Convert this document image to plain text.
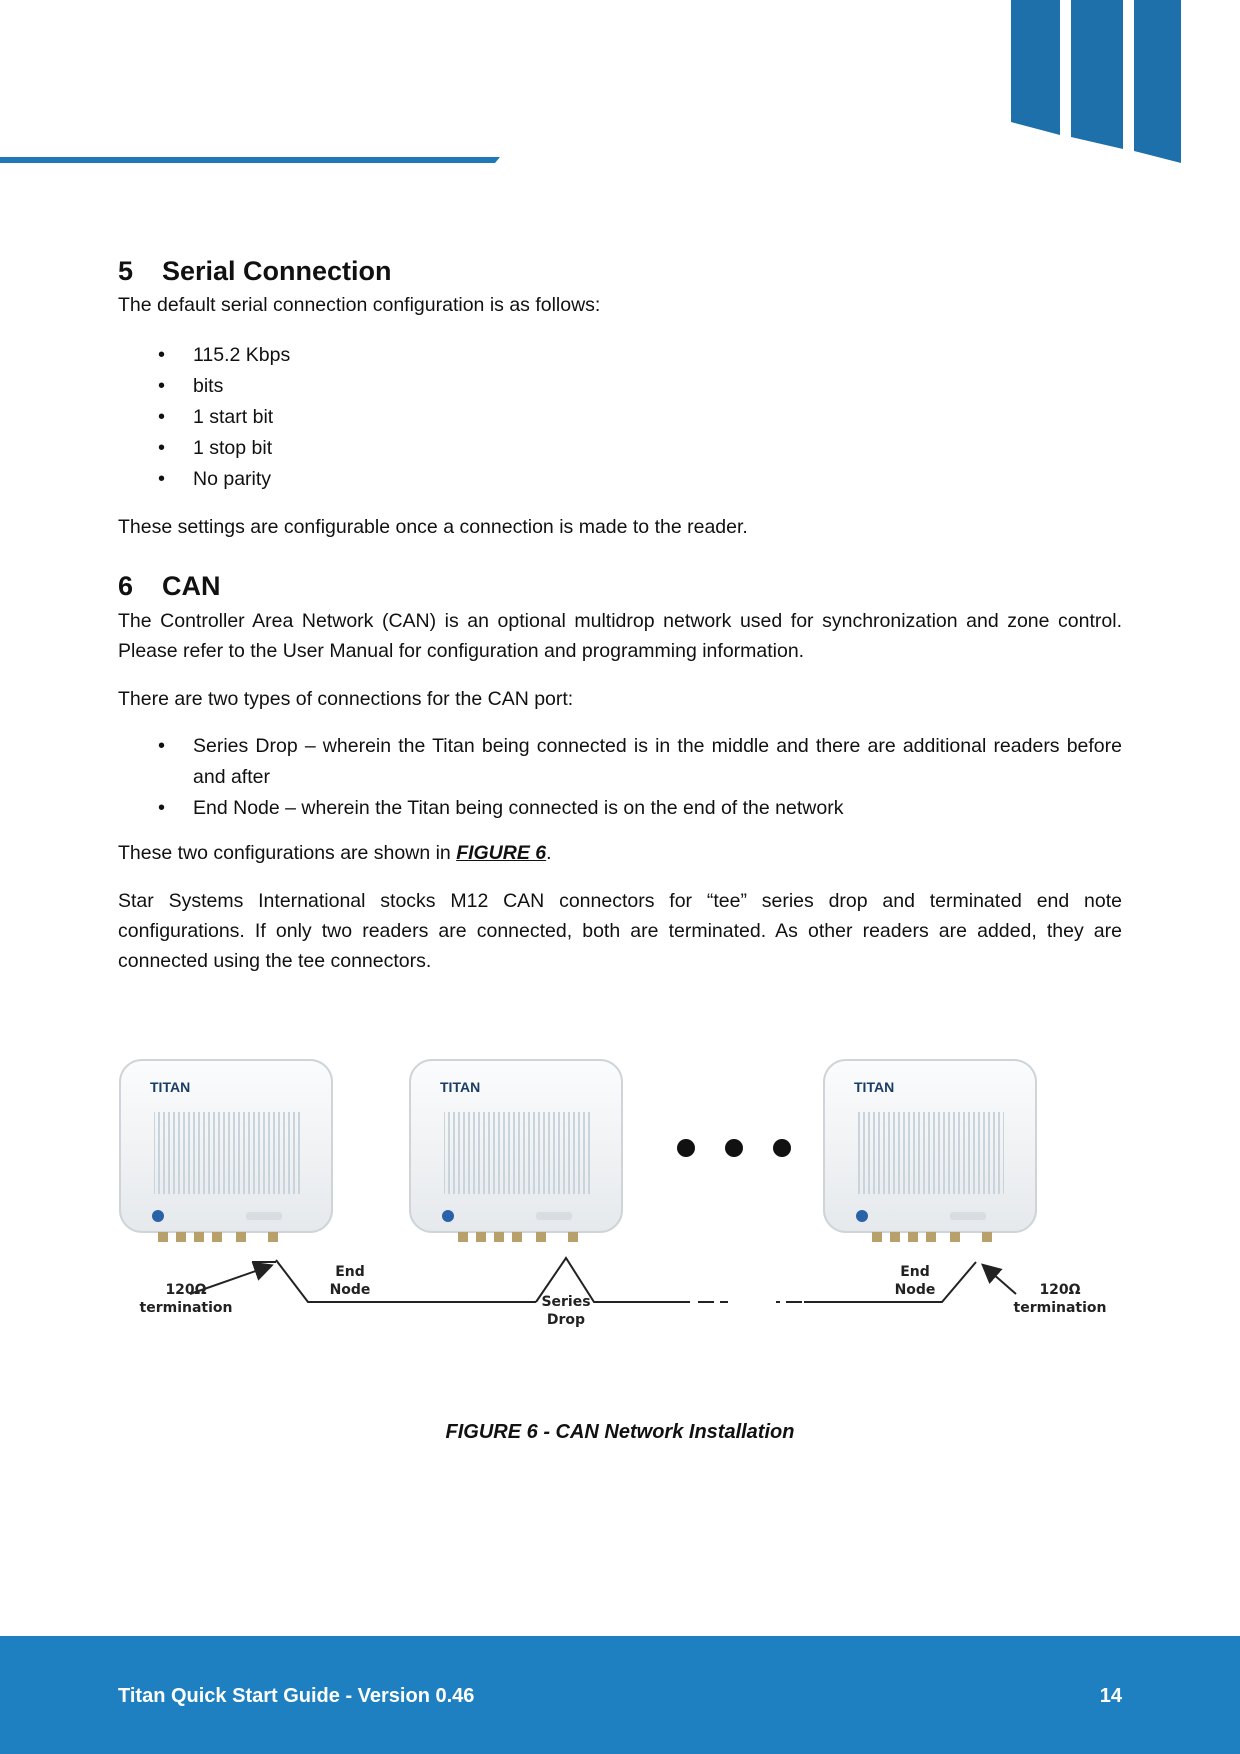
5 Serial Connection

The default serial connection configuration is as follows:

• 115.2 Kbps
• bits
• 1 start bit
• 1 stop bit
• No parity

These settings are configurable once a connection is made to the reader.

6 CAN

The Controller Area Network (CAN) is an optional multidrop network used for synchronization and zone control. Please refer to the User Manual for configuration and programming information.

There are two types of connections for the CAN port:

• Series Drop – wherein the Titan being connected is in the middle and there are additional readers before and after
• End Node – wherein the Titan being connected is on the end of the network

These two configurations are shown in FIGURE 6.

Star Systems International stocks M12 CAN connectors for “tee” series drop and terminated end note configurations. If only two readers are connected, both are terminated. As other readers are added, they are connected using the tee connectors.

TITAN	TITAN	TITAN
120Ω
termination
End
Node
Series
Drop
End
Node	120Ω
termination
FIGURE 6 - CAN Network Installation
Titan Quick Start Guide - Version 0.46	14
